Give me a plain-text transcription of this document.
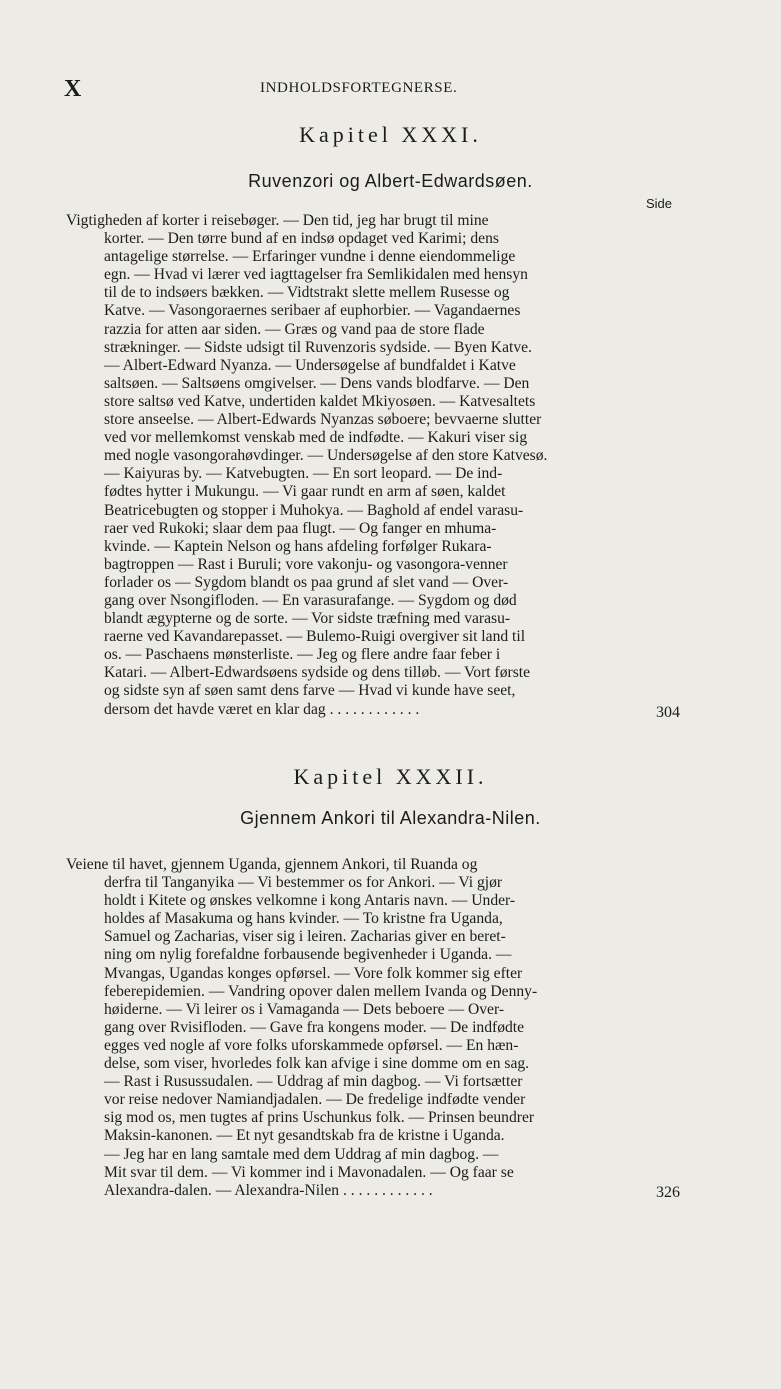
X	INDHOLDSFORTEGNERSE.
Kapitel XXXI.
Ruvenzori og Albert-Edwardsøen.
Side
Vigtigheden af korter i reisebøger. — Den tid, jeg har brugt til mine
korter. — Den tørre bund af en indsø opdaget ved Karimi; dens
antagelige størrelse. — Erfaringer vundne i denne eiendommelige
egn. — Hvad vi lærer ved iagttagelser fra Semlikidalen med hensyn
til de to indsøers bækken. — Vidtstrakt slette mellem Rusesse og
Katve. — Vasongoraernes seribaer af euphorbier. — Vagandaernes
razzia for atten aar siden. — Græs og vand paa de store flade
strækninger. — Sidste udsigt til Ruvenzoris sydside. — Byen Katve.
— Albert-Edward Nyanza. — Undersøgelse af bundfaldet i Katve
saltsøen. — Saltsøens omgivelser. — Dens vands blodfarve. — Den
store saltsø ved Katve, undertiden kaldet Mkiyosøen. — Katvesaltets
store anseelse. — Albert-Edwards Nyanzas søboere; bevvaerne slutter
ved vor mellemkomst venskab med de indfødte. — Kakuri viser sig
med nogle vasongorahøvdinger. — Undersøgelse af den store Katvesø.
— Kaiyuras by. — Katvebugten. — En sort leopard. — De ind-
fødtes hytter i Mukungu. — Vi gaar rundt en arm af søen, kaldet
Beatricebugten og stopper i Muhokya. — Baghold af endel varasu-
raer ved Rukoki; slaar dem paa flugt. — Og fanger en mhuma-
kvinde. — Kaptein Nelson og hans afdeling forfølger Rukara-
bagtroppen — Rast i Buruli; vore vakonju- og vasongora-venner
forlader os — Sygdom blandt os paa grund af slet vand — Over-
gang over Nsongifloden. — En varasurafange. — Sygdom og død
blandt ægypterne og de sorte. — Vor sidste træfning med varasu-
raerne ved Kavandarepasset. — Bulemo-Ruigi overgiver sit land til
os. — Paschaens mønsterliste. — Jeg og flere andre faar feber i
Katari. — Albert-Edwardsøens sydside og dens tilløb. — Vort første
og sidste syn af søen samt dens farve — Hvad vi kunde have seet,
dersom det havde været en klar dag . . . . . . . . . . . .	304
Kapitel XXXII.
Gjennem Ankori til Alexandra-Nilen.
Veiene til havet, gjennem Uganda, gjennem Ankori, til Ruanda og
derfra til Tanganyika — Vi bestemmer os for Ankori. — Vi gjør
holdt i Kitete og ønskes velkomne i kong Antaris navn. — Under-
holdes af Masakuma og hans kvinder. — To kristne fra Uganda,
Samuel og Zacharias, viser sig i leiren. Zacharias giver en beret-
ning om nylig forefaldne forbausende begivenheder i Uganda. —
Mvangas, Ugandas konges opførsel. — Vore folk kommer sig efter
feberepidemien. — Vandring opover dalen mellem Ivanda og Denny-
høiderne. — Vi leirer os i Vamaganda — Dets beboere — Over-
gang over Rvisifloden. — Gave fra kongens moder. — De indfødte
egges ved nogle af vore folks uforskammede opførsel. — En hæn-
delse, som viser, hvorledes folk kan afvige i sine domme om en sag.
— Rast i Rusussudalen. — Uddrag af min dagbog. — Vi fortsætter
vor reise nedover Namiandjadalen. — De fredelige indfødte vender
sig mod os, men tugtes af prins Uschunkus folk. — Prinsen beundrer
Maksin-kanonen. — Et nyt gesandtskab fra de kristne i Uganda.
— Jeg har en lang samtale med dem Uddrag af min dagbog. —
Mit svar til dem. — Vi kommer ind i Mavonadalen. — Og faar se
Alexandra-dalen. — Alexandra-Nilen . . . . . . . . . . . .	326
